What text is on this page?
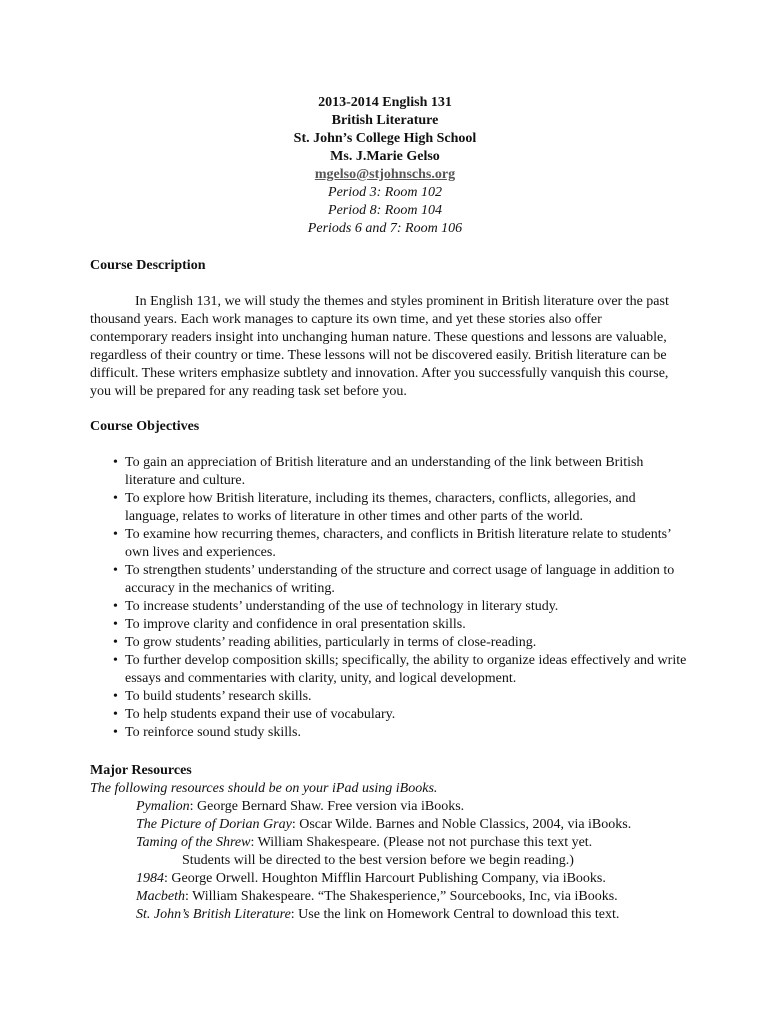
2013-2014 English 131
British Literature
St. John’s College High School
Ms. J.Marie Gelso
mgelso@stjohnschs.org
Period 3: Room 102
Period 8: Room 104
Periods 6 and 7: Room 106
Course Description
In English 131, we will study the themes and styles prominent in British literature over the past thousand years. Each work manages to capture its own time, and yet these stories also offer contemporary readers insight into unchanging human nature. These questions and lessons are valuable, regardless of their country or time. These lessons will not be discovered easily. British literature can be difficult. These writers emphasize subtlety and innovation. After you successfully vanquish this course, you will be prepared for any reading task set before you.
Course Objectives
• To gain an appreciation of British literature and an understanding of the link between British literature and culture.
• To explore how British literature, including its themes, characters, conflicts, allegories, and language, relates to works of literature in other times and other parts of the world.
• To examine how recurring themes, characters, and conflicts in British literature relate to students’ own lives and experiences.
• To strengthen students’ understanding of the structure and correct usage of language in addition to accuracy in the mechanics of writing.
• To increase students’ understanding of the use of technology in literary study.
• To improve clarity and confidence in oral presentation skills.
• To grow students’ reading abilities, particularly in terms of close-reading.
• To further develop composition skills; specifically, the ability to organize ideas effectively and write essays and commentaries with clarity, unity, and logical development.
• To build students’ research skills.
• To help students expand their use of vocabulary.
• To reinforce sound study skills.
Major Resources
The following resources should be on your iPad using iBooks.
Pymalion: George Bernard Shaw. Free version via iBooks.
The Picture of Dorian Gray: Oscar Wilde. Barnes and Noble Classics, 2004, via iBooks.
Taming of the Shrew: William Shakespeare. (Please not not purchase this text yet.
Students will be directed to the best version before we begin reading.)
1984: George Orwell. Houghton Mifflin Harcourt Publishing Company, via iBooks.
Macbeth: William Shakespeare. “The Shakesperience,” Sourcebooks, Inc, via iBooks.
St. John’s British Literature: Use the link on Homework Central to download this text.
